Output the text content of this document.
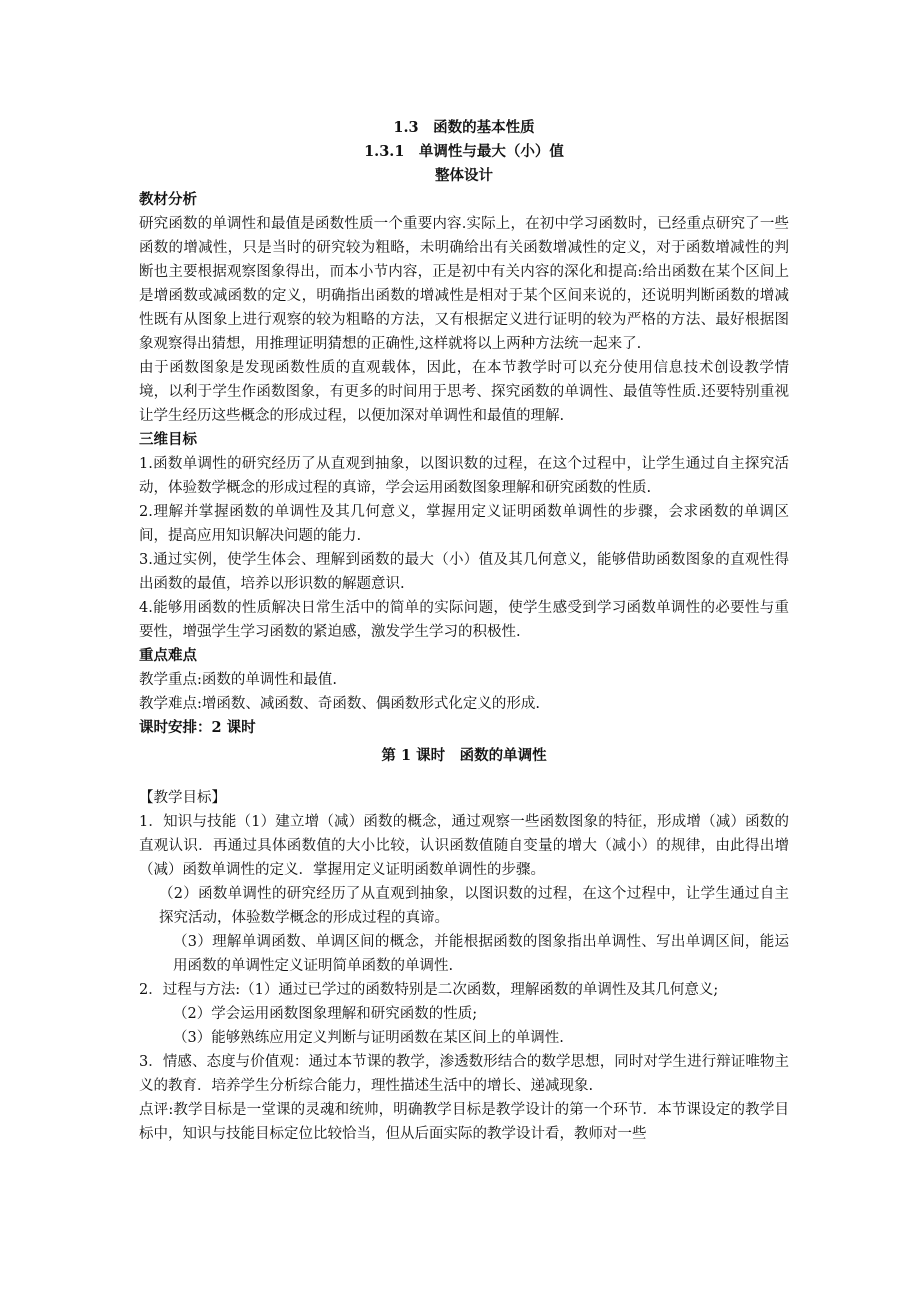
1.3　函数的基本性质

1.3.1　单调性与最大（小）值

整体设计

教材分析

研究函数的单调性和最值是函数性质一个重要内容.实际上，在初中学习函数时，已经重点研究了一些函数的增减性，只是当时的研究较为粗略，未明确给出有关函数增减性的定义，对于函数增减性的判断也主要根据观察图象得出，而本小节内容，正是初中有关内容的深化和提高:给出函数在某个区间上是增函数或减函数的定义，明确指出函数的增减性是相对于某个区间来说的，还说明判断函数的增减性既有从图象上进行观察的较为粗略的方法，又有根据定义进行证明的较为严格的方法、最好根据图象观察得出猜想，用推理证明猜想的正确性,这样就将以上两种方法统一起来了.

由于函数图象是发现函数性质的直观载体，因此，在本节教学时可以充分使用信息技术创设教学情境，以利于学生作函数图象，有更多的时间用于思考、探究函数的单调性、最值等性质.还要特别重视让学生经历这些概念的形成过程，以便加深对单调性和最值的理解.

三维目标

1.函数单调性的研究经历了从直观到抽象，以图识数的过程，在这个过程中，让学生通过自主探究活动，体验数学概念的形成过程的真谛，学会运用函数图象理解和研究函数的性质.

2.理解并掌握函数的单调性及其几何意义，掌握用定义证明函数单调性的步骤，会求函数的单调区间，提高应用知识解决问题的能力.

3.通过实例，使学生体会、理解到函数的最大（小）值及其几何意义，能够借助函数图象的直观性得出函数的最值，培养以形识数的解题意识.

4.能够用函数的性质解决日常生活中的简单的实际问题，使学生感受到学习函数单调性的必要性与重要性，增强学生学习函数的紧迫感，激发学生学习的积极性.

重点难点

教学重点:函数的单调性和最值.

教学难点:增函数、减函数、奇函数、偶函数形式化定义的形成.

课时安排：2 课时

第 1 课时　函数的单调性

【教学目标】

1．知识与技能（1）建立增（减）函数的概念，通过观察一些函数图象的特征，形成增（减）函数的直观认识．再通过具体函数值的大小比较，认识函数值随自变量的增大（减小）的规律，由此得出增（减）函数单调性的定义．掌握用定义证明函数单调性的步骤。

（2）函数单调性的研究经历了从直观到抽象，以图识数的过程，在这个过程中，让学生通过自主探究活动，体验数学概念的形成过程的真谛。

（3）理解单调函数、单调区间的概念，并能根据函数的图象指出单调性、写出单调区间，能运用函数的单调性定义证明简单函数的单调性.

2．过程与方法:（1）通过已学过的函数特别是二次函数，理解函数的单调性及其几何意义;

（2）学会运用函数图象理解和研究函数的性质;

（3）能够熟练应用定义判断与证明函数在某区间上的单调性.

3．情感、态度与价值观：通过本节课的教学，渗透数形结合的数学思想，同时对学生进行辩证唯物主义的教育．培养学生分析综合能力，理性描述生活中的增长、递减现象.

点评:教学目标是一堂课的灵魂和统帅，明确教学目标是教学设计的第一个环节．本节课设定的教学目标中，知识与技能目标定位比较恰当，但从后面实际的教学设计看，教师对一些
